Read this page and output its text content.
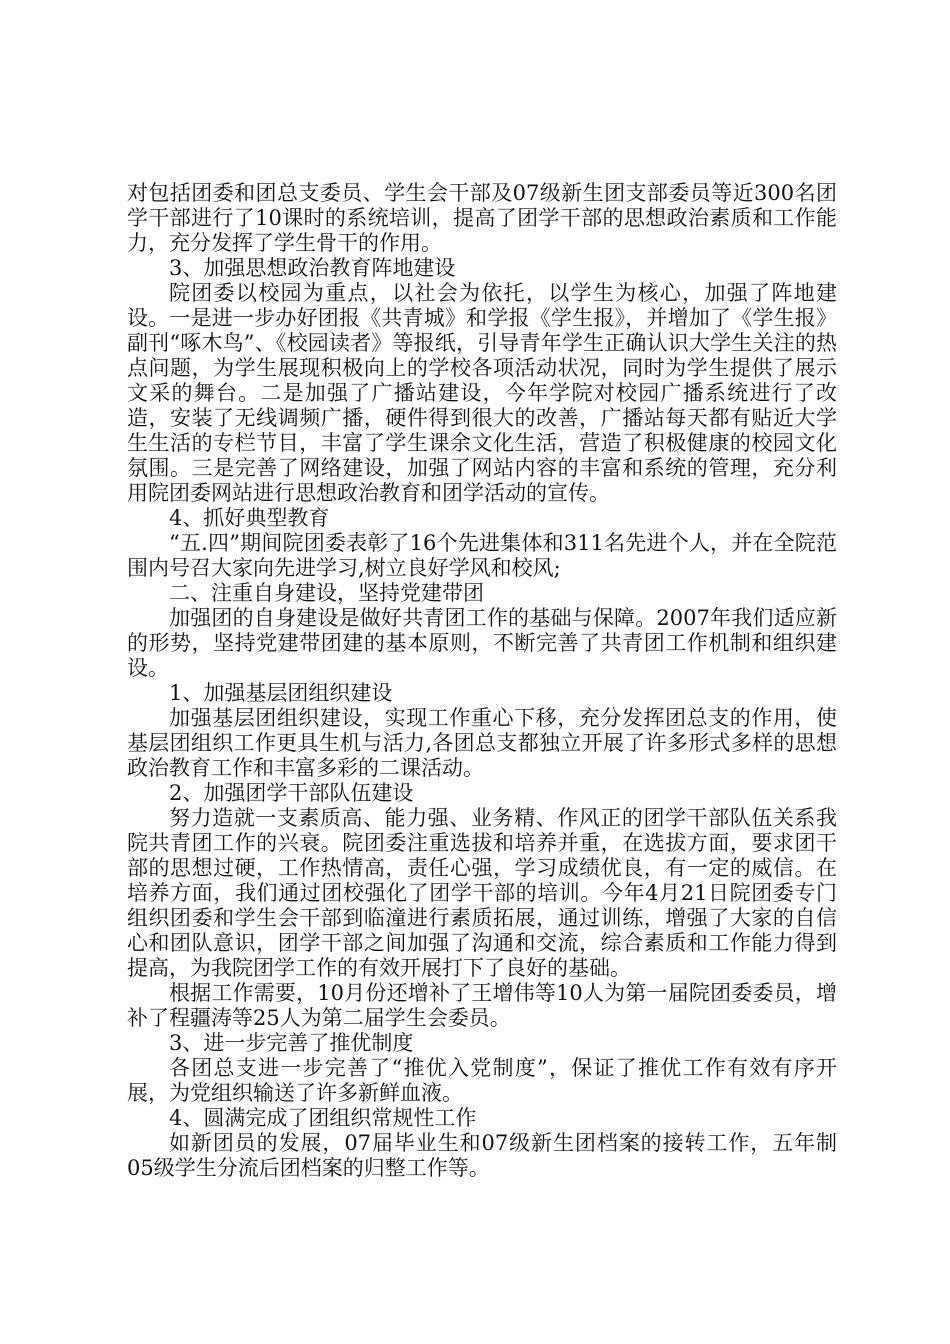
对包括团委和团总支委员、学生会干部及07级新生团支部委员等近300名团学干部进行了10课时的系统培训，提高了团学干部的思想政治素质和工作能力，充分发挥了学生骨干的作用。

3、加强思想政治教育阵地建设

院团委以校园为重点，以社会为依托，以学生为核心，加强了阵地建设。一是进一步办好团报《共青城》和学报《学生报》，并增加了《学生报》副刊“啄木鸟”、《校园读者》等报纸，引导青年学生正确认识大学生关注的热点问题，为学生展现积极向上的学校各项活动状况，同时为学生提供了展示文采的舞台。二是加强了广播站建设，今年学院对校园广播系统进行了改造，安装了无线调频广播，硬件得到很大的改善，广播站每天都有贴近大学生生活的专栏节目，丰富了学生课余文化生活，营造了积极健康的校园文化氛围。三是完善了网络建设，加强了网站内容的丰富和系统的管理，充分利用院团委网站进行思想政治教育和团学活动的宣传。

4、抓好典型教育

“五.四”期间院团委表彰了16个先进集体和311名先进个人，并在全院范围内号召大家向先进学习,树立良好学风和校风;

二、注重自身建设，坚持党建带团

加强团的自身建设是做好共青团工作的基础与保障。2007年我们适应新的形势，坚持党建带团建的基本原则，不断完善了共青团工作机制和组织建设。

1、加强基层团组织建设

加强基层团组织建设，实现工作重心下移，充分发挥团总支的作用，使基层团组织工作更具生机与活力,各团总支都独立开展了许多形式多样的思想政治教育工作和丰富多彩的二课活动。

2、加强团学干部队伍建设

努力造就一支素质高、能力强、业务精、作风正的团学干部队伍关系我院共青团工作的兴衰。院团委注重选拔和培养并重，在选拔方面，要求团干部的思想过硬，工作热情高，责任心强，学习成绩优良，有一定的威信。在培养方面，我们通过团校强化了团学干部的培训。今年4月21日院团委专门组织团委和学生会干部到临潼进行素质拓展，通过训练，增强了大家的自信心和团队意识，团学干部之间加强了沟通和交流，综合素质和工作能力得到提高，为我院团学工作的有效开展打下了良好的基础。

根据工作需要，10月份还增补了王增伟等10人为第一届院团委委员，增补了程疆涛等25人为第二届学生会委员。

3、进一步完善了推优制度

各团总支进一步完善了“推优入党制度”，保证了推优工作有效有序开展，为党组织输送了许多新鲜血液。

4、圆满完成了团组织常规性工作

如新团员的发展，07届毕业生和07级新生团档案的接转工作，五年制05级学生分流后团档案的归整工作等。
